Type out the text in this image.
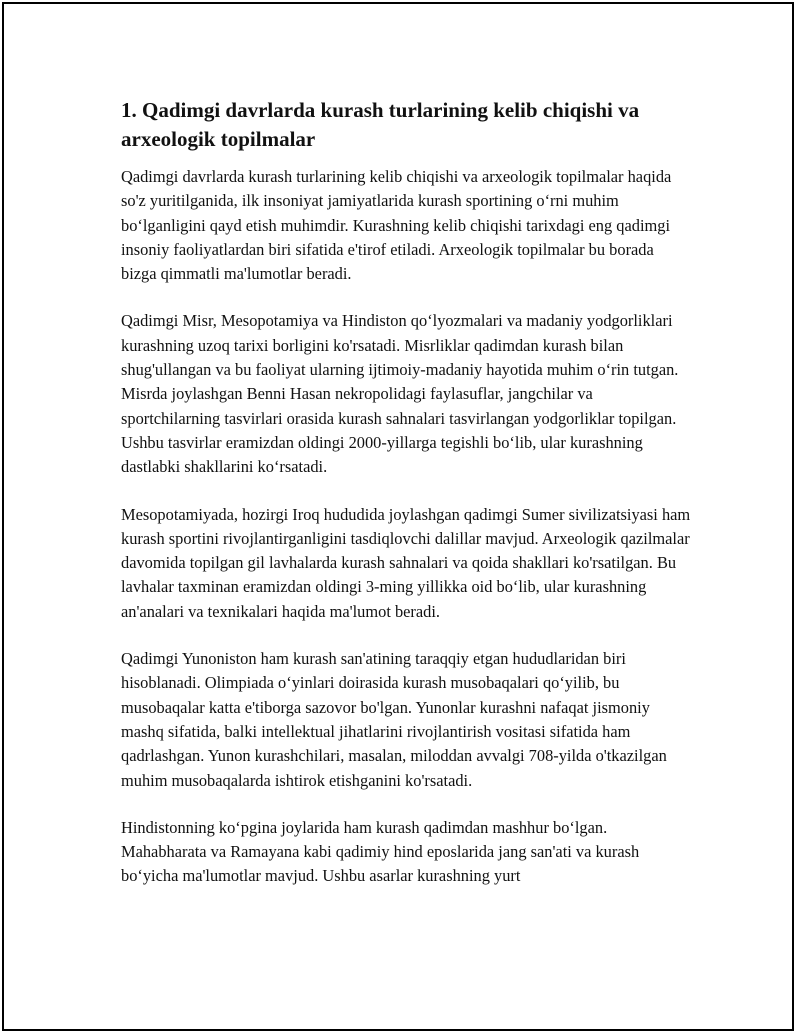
1. Qadimgi davrlarda kurash turlarining kelib chiqishi va arxeologik topilmalar

Qadimgi davrlarda kurash turlarining kelib chiqishi va arxeologik topilmalar haqida so'z yuritilganida, ilk insoniyat jamiyatlarida kurash sportining o‘rni muhim bo‘lganligini qayd etish muhimdir. Kurashning kelib chiqishi tarixdagi eng qadimgi insoniy faoliyatlardan biri sifatida e'tirof etiladi. Arxeologik topilmalar bu borada bizga qimmatli ma'lumotlar beradi.

Qadimgi Misr, Mesopotamiya va Hindiston qo‘lyozmalari va madaniy yodgorliklari kurashning uzoq tarixi borligini ko'rsatadi. Misrliklar qadimdan kurash bilan shug'ullangan va bu faoliyat ularning ijtimoiy-madaniy hayotida muhim o‘rin tutgan. Misrda joylashgan Benni Hasan nekropolidagi faylasuflar, jangchilar va sportchilarning tasvirlari orasida kurash sahnalari tasvirlangan yodgorliklar topilgan. Ushbu tasvirlar eramizdan oldingi 2000-yillarga tegishli bo‘lib, ular kurashning dastlabki shakllarini ko‘rsatadi.

Mesopotamiyada, hozirgi Iroq hududida joylashgan qadimgi Sumer sivilizatsiyasi ham kurash sportini rivojlantirganligini tasdiqlovchi dalillar mavjud. Arxeologik qazilmalar davomida topilgan gil lavhalarda kurash sahnalari va qoida shakllari ko'rsatilgan. Bu lavhalar taxminan eramizdan oldingi 3-ming yillikka oid bo‘lib, ular kurashning an'analari va texnikalari haqida ma'lumot beradi.

Qadimgi Yunoniston ham kurash san'atining taraqqiy etgan hududlaridan biri hisoblanadi. Olimpiada o‘yinlari doirasida kurash musobaqalari qo‘yilib, bu musobaqalar katta e'tiborga sazovor bo'lgan. Yunonlar kurashni nafaqat jismoniy mashq sifatida, balki intellektual jihatlarini rivojlantirish vositasi sifatida ham qadrlashgan. Yunon kurashchilari, masalan, miloddan avvalgi 708-yilda o'tkazilgan muhim musobaqalarda ishtirok etishganini ko'rsatadi.

Hindistonning ko‘pgina joylarida ham kurash qadimdan mashhur bo‘lgan. Mahabharata va Ramayana kabi qadimiy hind eposlarida jang san'ati va kurash bo‘yicha ma'lumotlar mavjud. Ushbu asarlar kurashning yurt
